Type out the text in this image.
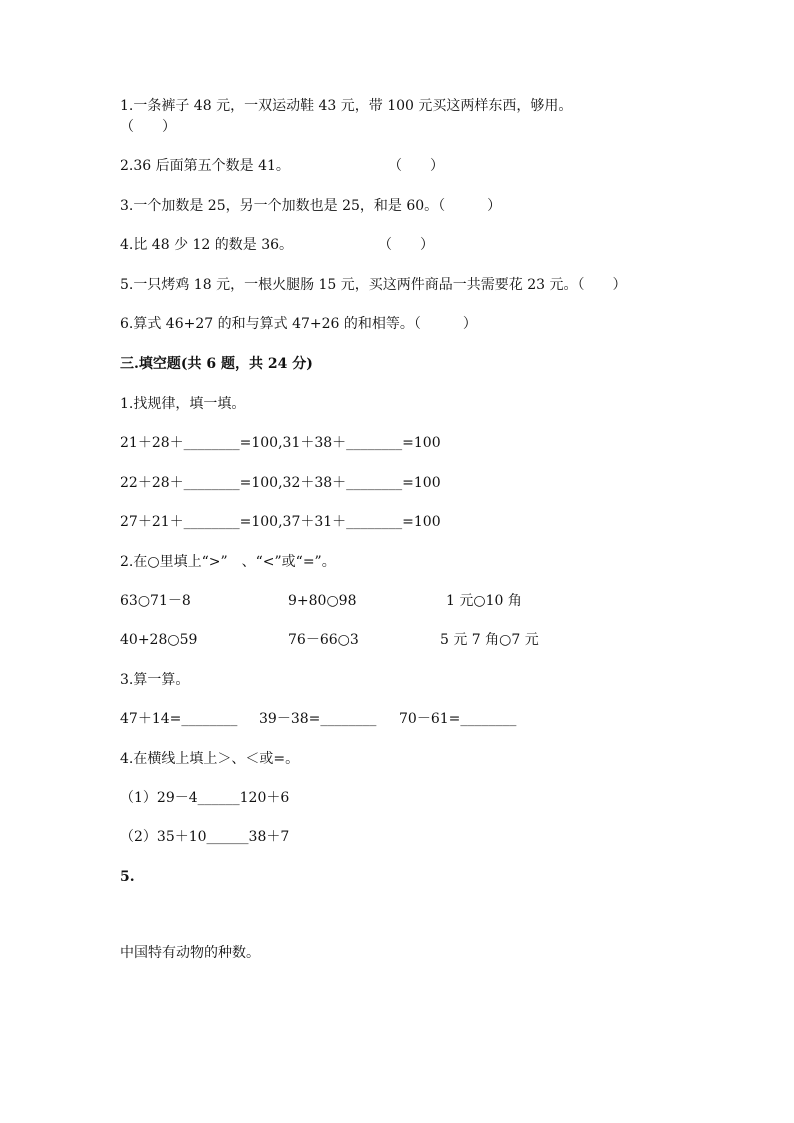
1.一条裤子 48 元，一双运动鞋 43 元，带 100 元买这两样东西，够用。
（　　）
2.36 后面第五个数是 41。	（　　）
3.一个加数是 25，另一个加数也是 25，和是 60。（　　　）
4.比 48 少 12 的数是 36。	（　　）
5.一只烤鸡 18 元，一根火腿肠 15 元，买这两件商品一共需要花 23 元。（　　）
6.算式 46+27 的和与算式 47+26 的和相等。（　　　）
三.填空题(共 6 题，共 24 分)
1.找规律，填一填。
21＋28＋________=100,31＋38＋________=100
22＋28＋________=100,32＋38＋________=100
27＋21＋________=100,37＋31＋________=100
2.在○里填上“>”　、“<”或“=”。
63○71－8	9+80○98	1 元○10 角
40+28○59	76－66○3	5 元 7 角○7 元
3.算一算。
47＋14=________ 39－38=________ 70－61=________
4.在横线上填上＞、＜或=。
（1）29－4______120＋6
（2）35＋10______38＋7
5.
中国特有动物的种数。
